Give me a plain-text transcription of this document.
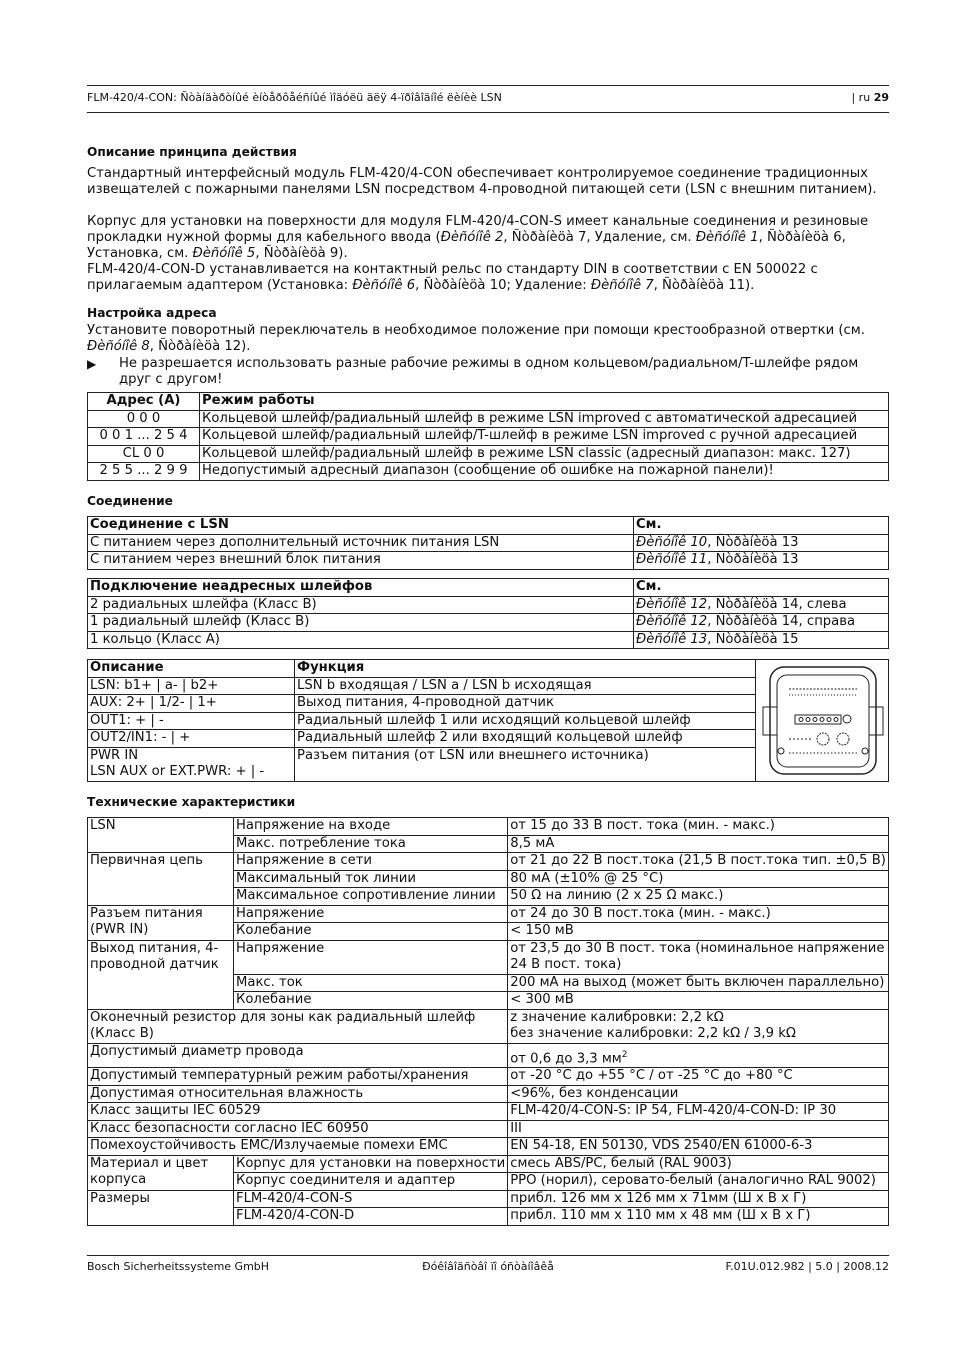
FLM-420/4-CON: Ñòàíäàðòíûé èíòåðôåéñíûé ìîäóëü äëÿ 4-ïðîâîäíîé ëèíèè LSN	| ru 29
Описание принципа действия

Стандартный интерфейсный модуль FLM-420/4-CON обеспечивает контролируемое соединение традиционных извещателей с пожарными панелями LSN посредством 4-проводной питающей сети (LSN с внешним питанием).

Корпус для установки на поверхности для модуля FLM-420/4-CON-S имеет канальные соединения и резиновые прокладки нужной формы для кабельного ввода (Ðèñóíîê 2, Ñòðàíèöà 7, Удаление, см. Ðèñóíîê 1, Ñòðàíèöà 6, Установка, см. Ðèñóíîê 5, Ñòðàíèöà 9).

FLM-420/4-CON-D устанавливается на контактный рельс по стандарту DIN в соответствии с EN 500022 с прилагаемым адаптером (Установка: Ðèñóíîê 6, Ñòðàíèöà 10; Удаление: Ðèñóíîê 7, Ñòðàíèöà 11).

Настройка адреса

Установите поворотный переключатель в необходимое положение при помощи крестообразной отвертки (см. Ðèñóíîê 8, Ñòðàíèöà 12).

▶ Не разрешается использовать разные рабочие режимы в одном кольцевом/радиальном/T-шлейфе рядом друг с другом!
Адрес (A)	Режим работы
0 0 0	Кольцевой шлейф/радиальный шлейф в режиме LSN improved с автоматической адресацией
0 0 1 ... 2 5 4	Кольцевой шлейф/радиальный шлейф/T-шлейф в режиме LSN improved с ручной адресацией
CL 0 0	Кольцевой шлейф/радиальный шлейф в режиме LSN classic (адресный диапазон: макс. 127)
2 5 5 ... 2 9 9	Недопустимый адресный диапазон (сообщение об ошибке на пожарной панели)!
Соединение
Соединение с LSN	См.
С питанием через дополнительный источник питания LSN	Ðèñóíîê 10, Ñòðàíèöà 13
С питанием через внешний блок питания	Ðèñóíîê 11, Ñòðàíèöà 13
Подключение неадресных шлейфов	См.
2 радиальных шлейфа (Класс B)	Ðèñóíîê 12, Ñòðàíèöà 14, слева
1 радиальный шлейф (Класс B)	Ðèñóíîê 12, Ñòðàíèöà 14, справа
1 кольцо (Класс A)	Ðèñóíîê 13, Ñòðàíèöà 15
Описание	Функция	
LSN: b1+ | a- | b2+	LSN b входящая / LSN a / LSN b исходящая	
AUX: 2+ | 1/2- | 1+	Выход питания, 4-проводной датчик	
OUT1: + | -	Радиальный шлейф 1 или исходящий кольцевой шлейф	
OUT2/IN1: - | +	Радиальный шлейф 2 или входящий кольцевой шлейф	
PWR IN
LSN AUX or EXT.PWR: + | -	Разъем питания (от LSN или внешнего источника)	
Технические характеристики
LSN	Напряжение на входе	от 15 до 33 В пост. тока (мин. - макс.)
	Макс. потребление тока	8,5 мА
Первичная цепь	Напряжение в сети	от 21 до 22 В пост.тока (21,5 В пост.тока тип. ±0,5 В)
	Максимальный ток линии	80 мА (±10% @ 25 °C)
	Максимальное сопротивление линии	50 Ω на линию (2 x 25 Ω макс.)
Разъем питания (PWR IN)	Напряжение	от 24 до 30 В пост.тока (мин. - макс.)
	Колебание	< 150 мВ
Выход питания, 4-проводной датчик	Напряжение	от 23,5 до 30 В пост. тока (номинальное напряжение 24 В пост. тока)
	Макс. ток	200 мА на выход (может быть включен параллельно)
	Колебание	< 300 мВ
Оконечный резистор для зоны как радиальный шлейф (Класс B)		z значение калибровки: 2,2 kΩ
без значение калибровки: 2,2 kΩ / 3,9 kΩ
Допустимый диаметр провода		от 0,6 до 3,3 $мм^2$
Допустимый температурный режим работы/хранения		от -20 °C до +55 °C / от -25 °C до +80 °C
Допустимая относительная влажность		<96%, без конденсации
Класс защиты IEC 60529		FLM-420/4-CON-S: IP 54, FLM-420/4-CON-D: IP 30
Класс безопасности согласно IEC 60950		III
Помехоустойчивость EMC/Излучаемые помехи EMC		EN 54-18, EN 50130, VDS 2540/EN 61000-6-3
Материал и цвет корпуса	Корпус для установки на поверхности	смесь ABS/PC, белый (RAL 9003)
	Корпус соединителя и адаптер	PPO (норил), серовато-белый (аналогично RAL 9002)
Размеры	FLM-420/4-CON-S	прибл. 126 мм x 126 мм x 71мм (Ш x В x Г)
	FLM-420/4-CON-D	прибл. 110 мм x 110 мм x 48 мм (Ш x В x Г)
Bosch Sicherheitssysteme GmbH	Ðóêîâîäñòâî ïî óñòàíîâêå	F.01U.012.982 | 5.0 | 2008.12
